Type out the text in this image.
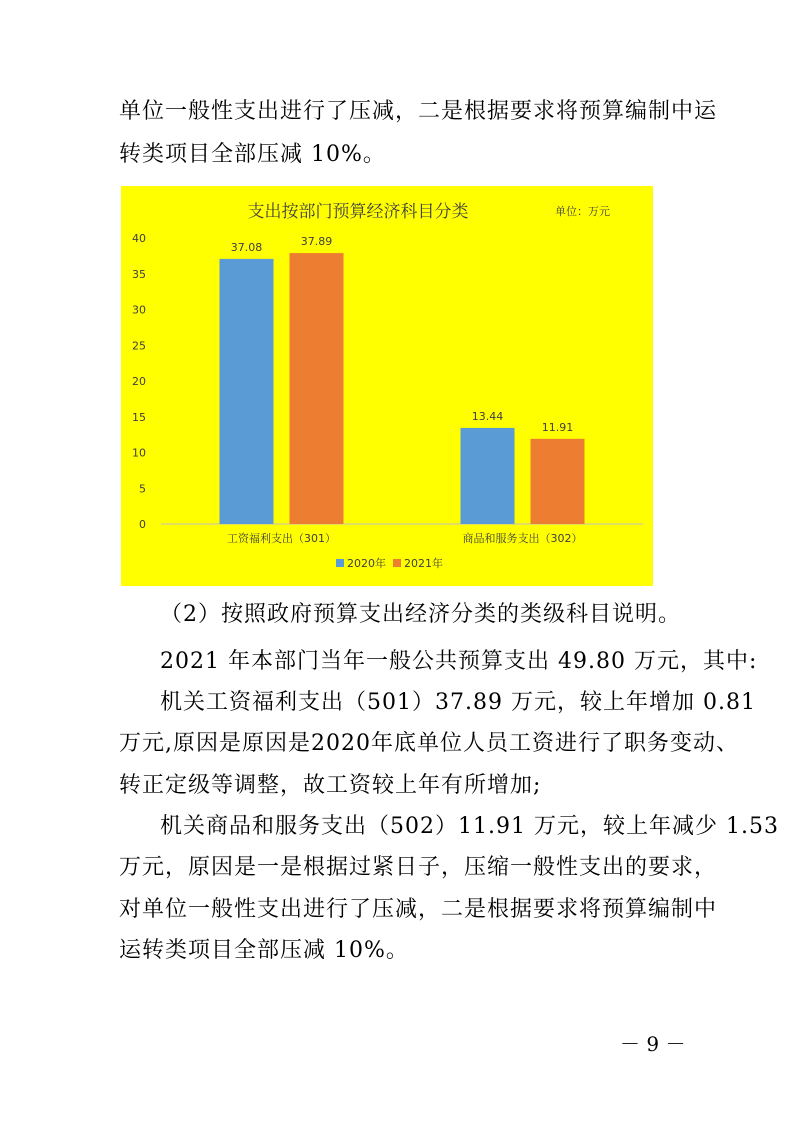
单位一般性支出进行了压减，二是根据要求将预算编制中运
转类项目全部压减 10%。
支出按部门预算经济科目分类	单位：万元
0
5
10
15
20
25
30
35
40
37.08	37.89
工资福利支出（301）
13.44
11.91
商品和服务支出（302）
2020年 2021年
（2）按照政府预算支出经济分类的类级科目说明。
2021 年本部门当年一般公共预算支出 49.80 万元，其中:
机关工资福利支出（501）37.89 万元，较上年增加 0.81
万元,原因是原因是2020年底单位人员工资进行了职务变动、
转正定级等调整，故工资较上年有所增加;
机关商品和服务支出（502）11.91 万元，较上年减少 1.53
万元，原因是一是根据过紧日子，压缩一般性支出的要求，
对单位一般性支出进行了压减，二是根据要求将预算编制中
运转类项目全部压减 10%。
－ 9 －
